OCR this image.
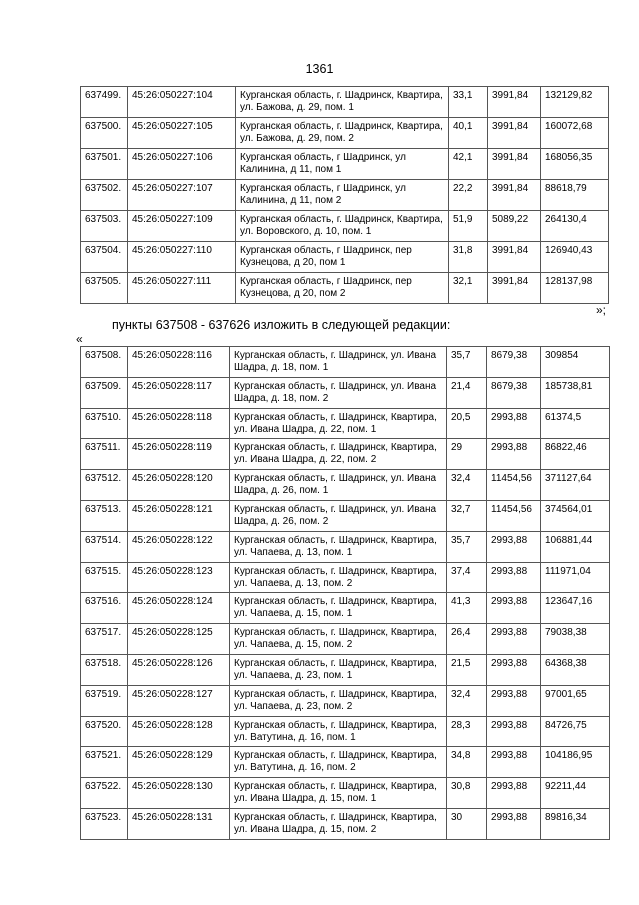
1361
637499.	45:26:050227:104	Курганская область, г. Шадринск, Квартира, ул. Бажова, д. 29, пом. 1	33,1	3991,84	132129,82
637500.	45:26:050227:105	Курганская область, г. Шадринск, Квартира, ул. Бажова, д. 29, пом. 2	40,1	3991,84	160072,68
637501.	45:26:050227:106	Курганская область, г Шадринск, ул Калинина, д 11, пом 1	42,1	3991,84	168056,35
637502.	45:26:050227:107	Курганская область, г Шадринск, ул Калинина, д 11, пом 2	22,2	3991,84	88618,79
637503.	45:26:050227:109	Курганская область, г. Шадринск, Квартира, ул. Воровского, д. 10, пом. 1	51,9	5089,22	264130,4
637504.	45:26:050227:110	Курганская область, г Шадринск, пер Кузнецова, д 20, пом 1	31,8	3991,84	126940,43
637505.	45:26:050227:111	Курганская область, г Шадринск, пер Кузнецова, д 20, пом 2	32,1	3991,84	128137,98
»;
пункты 637508 - 637626 изложить в следующей редакции:
«
637508.	45:26:050228:116	Курганская область, г. Шадринск, ул. Ивана Шадра, д. 18, пом. 1	35,7	8679,38	309854
637509.	45:26:050228:117	Курганская область, г. Шадринск, ул. Ивана Шадра, д. 18, пом. 2	21,4	8679,38	185738,81
637510.	45:26:050228:118	Курганская область, г. Шадринск, Квартира, ул. Ивана Шадра, д. 22, пом. 1	20,5	2993,88	61374,5
637511.	45:26:050228:119	Курганская область, г. Шадринск, Квартира, ул. Ивана Шадра, д. 22, пом. 2	29	2993,88	86822,46
637512.	45:26:050228:120	Курганская область, г. Шадринск, ул. Ивана Шадра, д. 26, пом. 1	32,4	11454,56	371127,64
637513.	45:26:050228:121	Курганская область, г. Шадринск, ул. Ивана Шадра, д. 26, пом. 2	32,7	11454,56	374564,01
637514.	45:26:050228:122	Курганская область, г. Шадринск, Квартира, ул. Чапаева, д. 13, пом. 1	35,7	2993,88	106881,44
637515.	45:26:050228:123	Курганская область, г. Шадринск, Квартира, ул. Чапаева, д. 13, пом. 2	37,4	2993,88	111971,04
637516.	45:26:050228:124	Курганская область, г. Шадринск, Квартира, ул. Чапаева, д. 15, пом. 1	41,3	2993,88	123647,16
637517.	45:26:050228:125	Курганская область, г. Шадринск, Квартира, ул. Чапаева, д. 15, пом. 2	26,4	2993,88	79038,38
637518.	45:26:050228:126	Курганская область, г. Шадринск, Квартира, ул. Чапаева, д. 23, пом. 1	21,5	2993,88	64368,38
637519.	45:26:050228:127	Курганская область, г. Шадринск, Квартира, ул. Чапаева, д. 23, пом. 2	32,4	2993,88	97001,65
637520.	45:26:050228:128	Курганская область, г. Шадринск, Квартира, ул. Ватутина, д. 16, пом. 1	28,3	2993,88	84726,75
637521.	45:26:050228:129	Курганская область, г. Шадринск, Квартира, ул. Ватутина, д. 16, пом. 2	34,8	2993,88	104186,95
637522.	45:26:050228:130	Курганская область, г. Шадринск, Квартира, ул. Ивана Шадра, д. 15, пом. 1	30,8	2993,88	92211,44
637523.	45:26:050228:131	Курганская область, г. Шадринск, Квартира, ул. Ивана Шадра, д. 15, пом. 2	30	2993,88	89816,34
